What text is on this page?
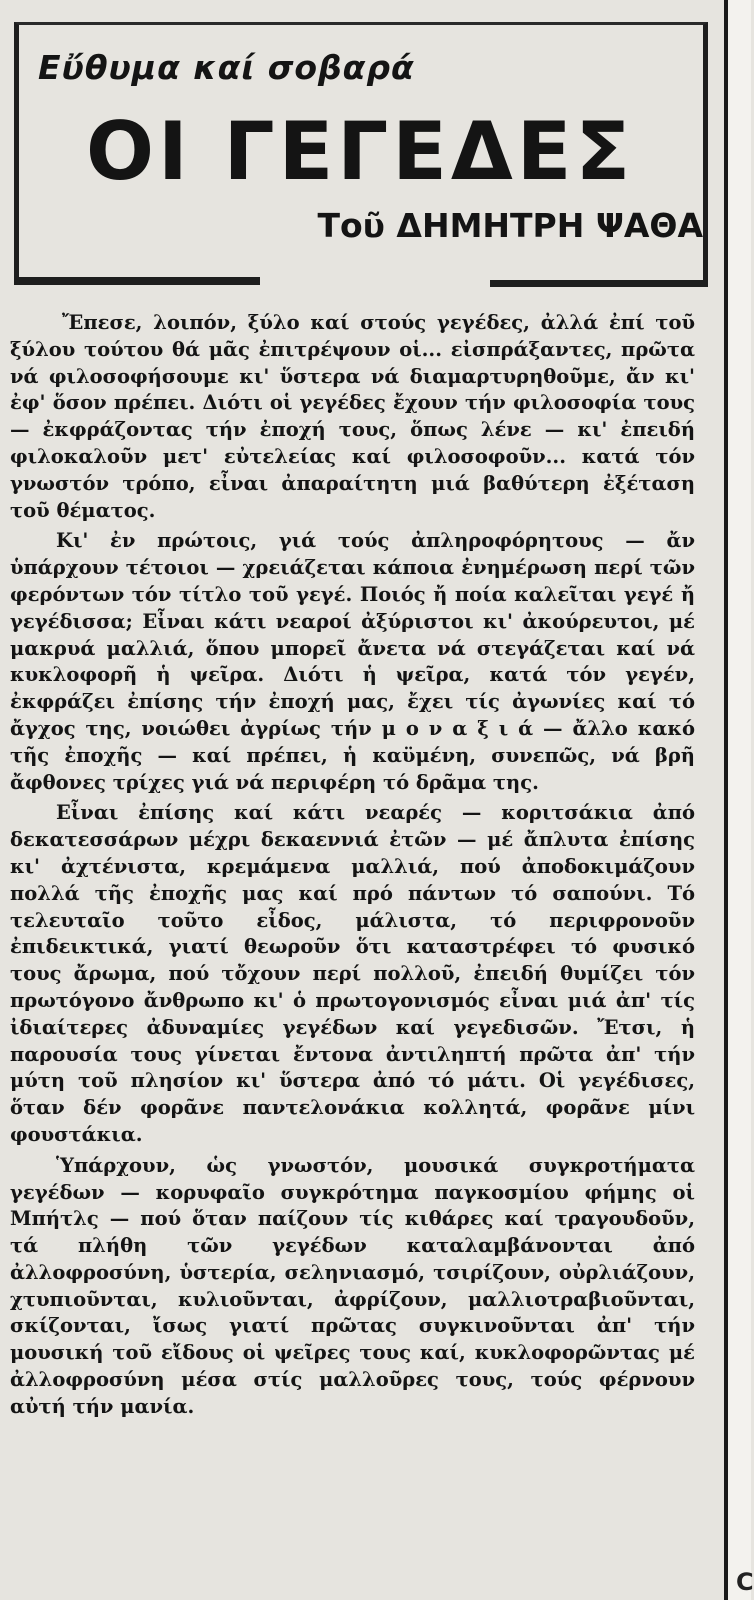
C
Εὔθυμα καί σοβαρά
ΟΙ ΓΕΓΕΔΕΣ
Τοῦ ΔΗΜΗΤΡΗ ΨΑΘΑ

Ἔπεσε, λοιπόν, ξύλο καί στούς γεγέδες, ἀλλά ἐπί τοῦ ξύλου τούτου θά μᾶς ἐπιτρέψουν οἱ... εἰσπράξαντες, πρῶτα νά φιλοσοφήσουμε κι' ὕστερα νά διαμαρτυρηθοῦμε, ἄν κι' ἐφ' ὅσον πρέπει. Διότι οἱ γεγέδες ἔχουν τήν φιλοσοφία τους — ἐκφράζοντας τήν ἐποχή τους, ὅπως λένε — κι' ἐπειδή φιλοκαλοῦν μετ' εὐτελείας καί φιλοσοφοῦν... κατά τόν γνωστόν τρόπο, εἶναι ἀπαραίτητη μιά βαθύτερη ἐξέταση τοῦ θέματος.

Κι' ἐν πρώτοις, γιά τούς ἀπληροφόρητους — ἄν ὑπάρχουν τέτοιοι — χρειάζεται κάποια ἐνημέρωση περί τῶν φερόντων τόν τίτλο τοῦ γεγέ. Ποιός ἤ ποία καλεῖται γεγέ ἤ γεγέδισσα; Εἶναι κάτι νεαροί ἀξύριστοι κι' ἀκούρευτοι, μέ μακρυά μαλλιά, ὅπου μπορεῖ ἄνετα νά στεγάζεται καί νά κυκλοφορῆ ἡ ψεῖρα. Διότι ἡ ψεῖρα, κατά τόν γεγέν, ἐκφράζει ἐπίσης τήν ἐποχή μας, ἔχει τίς ἀγωνίες καί τό ἄγχος της, νοιώθει ἀγρίως τήν μ ο ν α ξ ι ά — ἄλλο κακό τῆς ἐποχῆς — καί πρέπει, ἡ καϋμένη, συνεπῶς, νά βρῆ ἄφθονες τρίχες γιά νά περιφέρη τό δρᾶμα της.

Εἶναι ἐπίσης καί κάτι νεαρές — κοριτσάκια ἀπό δεκατεσσάρων μέχρι δεκαεννιά ἐτῶν — μέ ἄπλυτα ἐπίσης κι' ἀχτένιστα, κρεμάμενα μαλλιά, πού ἀποδοκιμάζουν πολλά τῆς ἐποχῆς μας καί πρό πάντων τό σαπούνι. Τό τελευταῖο τοῦτο εἶδος, μάλιστα, τό περιφρονοῦν ἐπιδεικτικά, γιατί θεωροῦν ὅτι καταστρέφει τό φυσικό τους ἄρωμα, πού τὄχουν περί πολλοῦ, ἐπειδή θυμίζει τόν πρωτόγονο ἄνθρωπο κι' ὁ πρωτογονισμός εἶναι μιά ἀπ' τίς ἰδιαίτερες ἀδυναμίες γεγέδων καί γεγεδισῶν. Ἔτσι, ἡ παρουσία τους γίνεται ἔντονα ἀντιληπτή πρῶτα ἀπ' τήν μύτη τοῦ πλησίον κι' ὕστερα ἀπό τό μάτι. Οἱ γεγέδισες, ὅταν δέν φορᾶνε παντελονάκια κολλητά, φορᾶνε μίνι φουστάκια.

Ὑπάρχουν, ὡς γνωστόν, μουσικά συγκροτήματα γεγέδων — κορυφαῖο συγκρότημα παγκοσμίου φήμης οἱ Μπήτλς — πού ὅταν παίζουν τίς κιθάρες καί τραγουδοῦν, τά πλήθη τῶν γεγέδων καταλαμβάνονται ἀπό ἀλλοφροσύνη, ὑστερία, σεληνιασμό, τσιρίζουν, οὐρλιάζουν, χτυπιοῦνται, κυλιοῦνται, ἀφρίζουν, μαλλιοτραβιοῦνται, σκίζονται, ἴσως γιατί πρῶτας συγκινοῦνται ἀπ' τήν μουσική τοῦ εἴδους οἱ ψεῖρες τους καί, κυκλοφορῶντας μέ ἀλλοφροσύνη μέσα στίς μαλλοῦρες τους, τούς φέρνουν αὐτή τήν μανία.
